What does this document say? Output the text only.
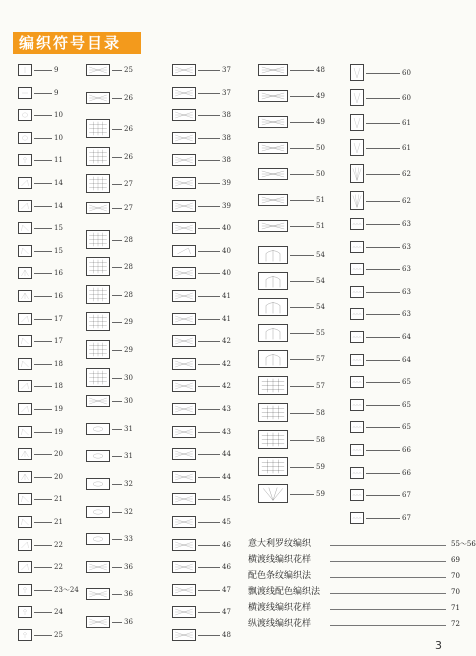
编织符号目录
9
9
10
10
11
14
14
15
15
16
16
17
17
18
18
19
19
20
20
21
21
22
22
23～24
24
25
25
26
26
26
27
27
28
28
28
29
29
30
30
31
31
32
32
33
36
36
36
37
37
38
38
38
39
39
40
40
40
41
41
42
42
42
43
43
44
44
45
45
46
46
47
47
48
48
49
49
50
50
51
51
54
54
54
55
57
57
58
58
59
59
60
60
61
61
62
62
63
63
63
63
63
64
64
65
65
65
66
66
67
67
意大利罗纹编织	55～56
横渡线编织花样	69
配色条纹编织法	70
飘渡线配色编织法	70
横渡线编织花样	71
纵渡线编织花样	72
3
